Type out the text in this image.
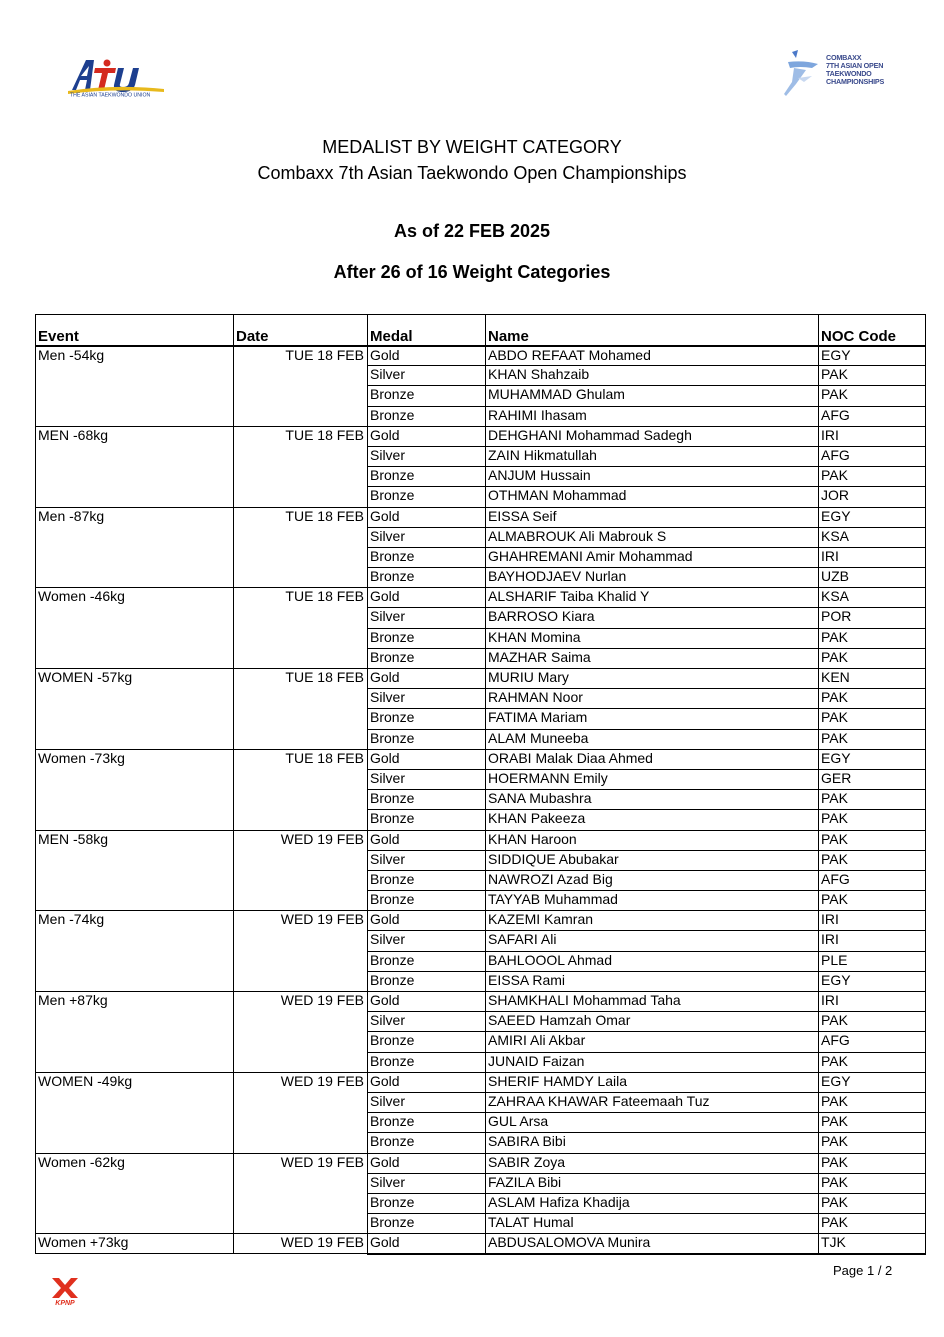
THE ASIAN TAEKWONDO UNION
COMBAXX
7TH ASIAN OPEN
TAEKWONDO
CHAMPIONSHIPS
MEDALIST BY WEIGHT CATEGORY
Combaxx 7th Asian Taekwondo Open Championships
As of 22 FEB 2025
After 26 of 16 Weight Categories
Event	Date	Medal	Name	NOC Code
Men -54kg	TUE 18 FEB	Gold	ABDO REFAAT Mohamed	EGY
		Silver	KHAN Shahzaib	PAK
		Bronze	MUHAMMAD Ghulam	PAK
		Bronze	RAHIMI Ihasam	AFG
MEN -68kg	TUE 18 FEB	Gold	DEHGHANI Mohammad Sadegh	IRI
		Silver	ZAIN Hikmatullah	AFG
		Bronze	ANJUM Hussain	PAK
		Bronze	OTHMAN Mohammad	JOR
Men -87kg	TUE 18 FEB	Gold	EISSA Seif	EGY
		Silver	ALMABROUK Ali Mabrouk S	KSA
		Bronze	GHAHREMANI Amir Mohammad	IRI
		Bronze	BAYHODJAEV Nurlan	UZB
Women -46kg	TUE 18 FEB	Gold	ALSHARIF Taiba Khalid Y	KSA
		Silver	BARROSO Kiara	POR
		Bronze	KHAN Momina	PAK
		Bronze	MAZHAR Saima	PAK
WOMEN -57kg	TUE 18 FEB	Gold	MURIU Mary	KEN
		Silver	RAHMAN Noor	PAK
		Bronze	FATIMA Mariam	PAK
		Bronze	ALAM Muneeba	PAK
Women -73kg	TUE 18 FEB	Gold	ORABI Malak Diaa Ahmed	EGY
		Silver	HOERMANN Emily	GER
		Bronze	SANA Mubashra	PAK
		Bronze	KHAN Pakeeza	PAK
MEN -58kg	WED 19 FEB	Gold	KHAN Haroon	PAK
		Silver	SIDDIQUE Abubakar	PAK
		Bronze	NAWROZI Azad Big	AFG
		Bronze	TAYYAB Muhammad	PAK
Men -74kg	WED 19 FEB	Gold	KAZEMI Kamran	IRI
		Silver	SAFARI Ali	IRI
		Bronze	BAHLOOOL Ahmad	PLE
		Bronze	EISSA Rami	EGY
Men +87kg	WED 19 FEB	Gold	SHAMKHALI Mohammad Taha	IRI
		Silver	SAEED Hamzah Omar	PAK
		Bronze	AMIRI Ali Akbar	AFG
		Bronze	JUNAID Faizan	PAK
WOMEN -49kg	WED 19 FEB	Gold	SHERIF HAMDY Laila	EGY
		Silver	ZAHRAA KHAWAR Fateemaah Tuz	PAK
		Bronze	GUL Arsa	PAK
		Bronze	SABIRA Bibi	PAK
Women -62kg	WED 19 FEB	Gold	SABIR Zoya	PAK
		Silver	FAZILA Bibi	PAK
		Bronze	ASLAM Hafiza Khadija	PAK
		Bronze	TALAT Humal	PAK
Women +73kg	WED 19 FEB	Gold	ABDUSALOMOVA Munira	TJK
Page 1 / 2
KPNP
